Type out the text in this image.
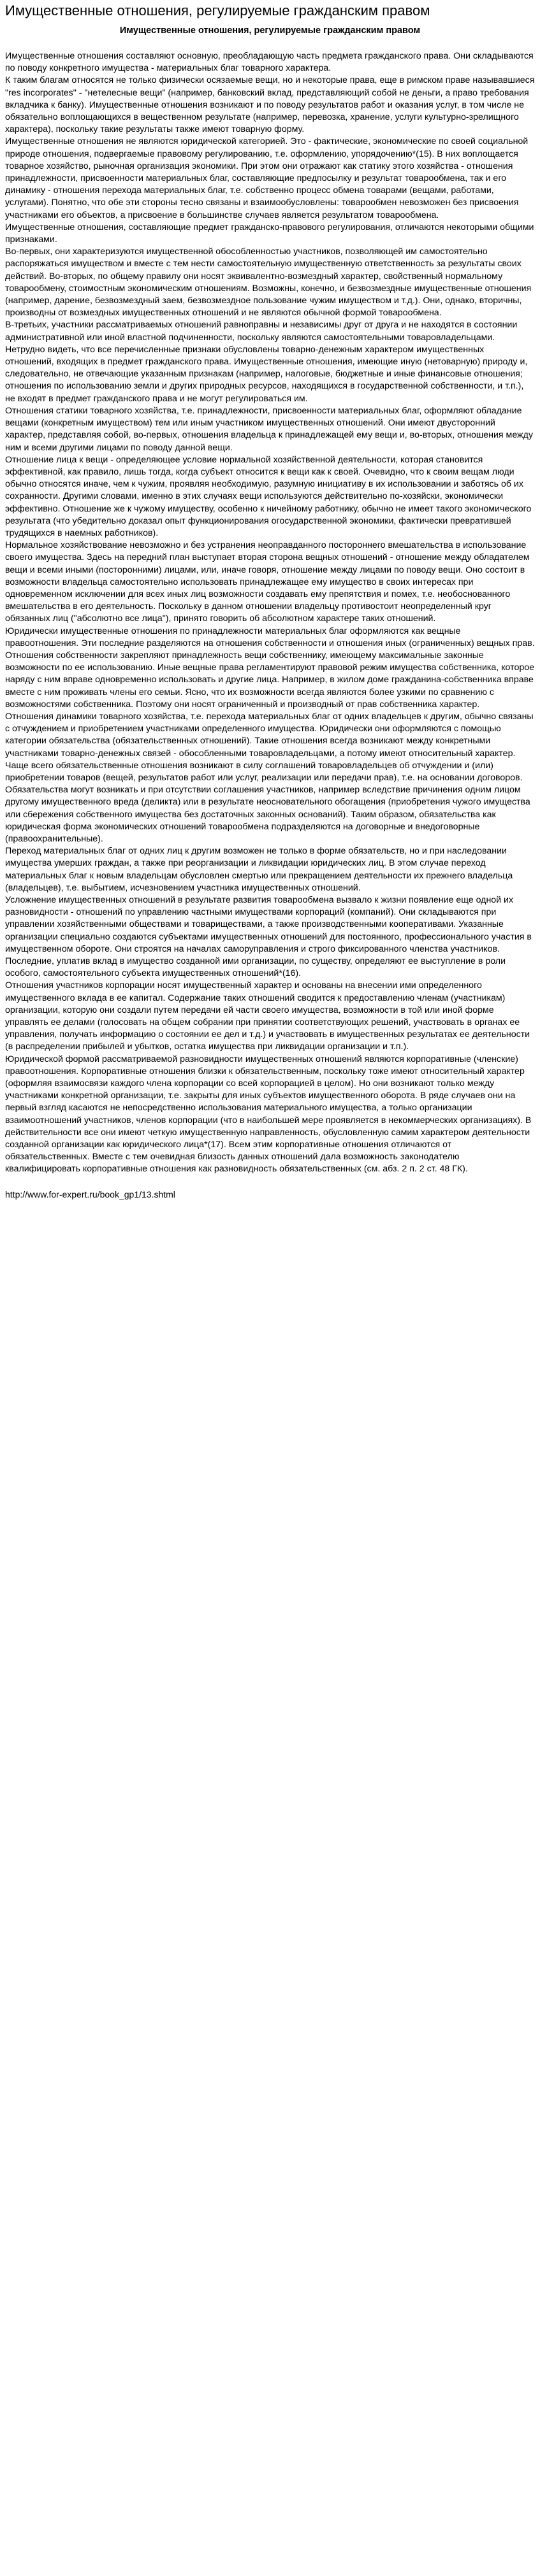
Имущественные отношения, регулируемые гражданским правом
Имущественные отношения, регулируемые гражданским правом

Имущественные отношения составляют основную, преобладающую часть предмета гражданского права. Они складываются по поводу конкретного имущества - материальных благ товарного характера.

К таким благам относятся не только физически осязаемые вещи, но и некоторые права, еще в римском праве называвшиеся "res incorporates" - "нетелесные вещи" (например, банковский вклад, представляющий собой не деньги, а право требования вкладчика к банку). Имущественные отношения возникают и по поводу результатов работ и оказания услуг, в том числе не обязательно воплощающихся в вещественном результате (например, перевозка, хранение, услуги культурно-зрелищного характера), поскольку такие результаты также имеют товарную форму.

Имущественные отношения не являются юридической категорией. Это - фактические, экономические по своей социальной природе отношения, подвергаемые правовому регулированию, т.е. оформлению, упорядочению*(15). В них воплощается товарное хозяйство, рыночная организация экономики. При этом они отражают как статику этого хозяйства - отношения принадлежности, присвоенности материальных благ, составляющие предпосылку и результат товарообмена, так и его динамику - отношения перехода материальных благ, т.е. собственно процесс обмена товарами (вещами, работами, услугами). Понятно, что обе эти стороны тесно связаны и взаимообусловлены: товарообмен невозможен без присвоения участниками его объектов, а присвоение в большинстве случаев является результатом товарообмена.

Имущественные отношения, составляющие предмет гражданско-правового регулирования, отличаются некоторыми общими признаками.

Во-первых, они характеризуются имущественной обособленностью участников, позволяющей им самостоятельно распоряжаться имуществом и вместе с тем нести самостоятельную имущественную ответственность за результаты своих действий. Во-вторых, по общему правилу они носят эквивалентно-возмездный характер, свойственный нормальному товарообмену, стоимостным экономическим отношениям. Возможны, конечно, и безвозмездные имущественные отношения (например, дарение, безвозмездный заем, безвозмездное пользование чужим имуществом и т.д.). Они, однако, вторичны, производны от возмездных имущественных отношений и не являются обычной формой товарообмена.

В-третьих, участники рассматриваемых отношений равноправны и независимы друг от друга и не находятся в состоянии административной или иной властной подчиненности, поскольку являются самостоятельными товаровладельцами. Нетрудно видеть, что все перечисленные признаки обусловлены товарно-денежным характером имущественных отношений, входящих в предмет гражданского права. Имущественные отношения, имеющие иную (нетоварную) природу и, следовательно, не отвечающие указанным признакам (например, налоговые, бюджетные и иные финансовые отношения; отношения по использованию земли и других природных ресурсов, находящихся в государственной собственности, и т.п.), не входят в предмет гражданского права и не могут регулироваться им.

Отношения статики товарного хозяйства, т.е. принадлежности, присвоенности материальных благ, оформляют обладание вещами (конкретным имуществом) тем или иным участником имущественных отношений. Они имеют двусторонний характер, представляя собой, во-первых, отношения владельца к принадлежащей ему вещи и, во-вторых, отношения между ним и всеми другими лицами по поводу данной вещи.

Отношение лица к вещи - определяющее условие нормальной хозяйственной деятельности, которая становится эффективной, как правило, лишь тогда, когда субъект относится к вещи как к своей. Очевидно, что к своим вещам люди обычно относятся иначе, чем к чужим, проявляя необходимую, разумную инициативу в их использовании и заботясь об их сохранности. Другими словами, именно в этих случаях вещи используются действительно по-хозяйски, экономически эффективно. Отношение же к чужому имуществу, особенно к ничейному работнику, обычно не имеет такого экономического результата (что убедительно доказал опыт функционирования огосударственной экономики, фактически превратившей трудящихся в наемных работников).

Нормальное хозяйствование невозможно и без устранения неоправданного постороннего вмешательства в использование своего имущества. Здесь на передний план выступает вторая сторона вещных отношений - отношение между обладателем вещи и всеми иными (посторонними) лицами, или, иначе говоря, отношение между лицами по поводу вещи. Оно состоит в возможности владельца самостоятельно использовать принадлежащее ему имущество в своих интересах при одновременном исключении для всех иных лиц возможности создавать ему препятствия и помех, т.е. необоснованного вмешательства в его деятельность. Поскольку в данном отношении владельцу противостоит неопределенный круг обязанных лиц ("абсолютно все лица"), принято говорить об абсолютном характере таких отношений.

Юридически имущественные отношения по принадлежности материальных благ оформляются как вещные правоотношения. Эти последние разделяются на отношения собственности и отношения иных (ограниченных) вещных прав. Отношения собственности закрепляют принадлежность вещи собственнику, имеющему максимальные законные возможности по ее использованию. Иные вещные права регламентируют правовой режим имущества собственника, которое наряду с ним вправе одновременно использовать и другие лица. Например, в жилом доме гражданина-собственника вправе вместе с ним проживать члены его семьи. Ясно, что их возможности всегда являются более узкими по сравнению с возможностями собственника. Поэтому они носят ограниченный и производный от прав собственника характер.

Отношения динамики товарного хозяйства, т.е. перехода материальных благ от одних владельцев к другим, обычно связаны с отчуждением и приобретением участниками определенного имущества. Юридически они оформляются с помощью категории обязательства (обязательственных отношений). Такие отношения всегда возникают между конкретными участниками товарно-денежных связей - обособленными товаровладельцами, а потому имеют относительный характер.

Чаще всего обязательственные отношения возникают в силу соглашений товаровладельцев об отчуждении и (или) приобретении товаров (вещей, результатов работ или услуг, реализации или передачи прав), т.е. на основании договоров. Обязательства могут возникать и при отсутствии соглашения участников, например вследствие причинения одним лицом другому имущественного вреда (деликта) или в результате неосновательного обогащения (приобретения чужого имущества или сбережения собственного имущества без достаточных законных оснований). Таким образом, обязательства как юридическая форма экономических отношений товарообмена подразделяются на договорные и внедоговорные (правоохранительные).

Переход материальных благ от одних лиц к другим возможен не только в форме обязательств, но и при наследовании имущества умерших граждан, а также при реорганизации и ликвидации юридических лиц. В этом случае переход материальных благ к новым владельцам обусловлен смертью или прекращением деятельности их прежнего владельца (владельцев), т.е. выбытием, исчезновением участника имущественных отношений.

Усложнение имущественных отношений в результате развития товарообмена вызвало к жизни появление еще одной их разновидности - отношений по управлению частными имуществами корпораций (компаний). Они складываются при управлении хозяйственными обществами и товариществами, а также производственными кооперативами. Указанные организации специально создаются субъектами имущественных отношений для постоянного, профессионального участия в имущественном обороте. Они строятся на началах саморуправления и строго фиксированного членства участников. Последние, уплатив вклад в имущество созданной ими организации, по существу, определяют ее выступление в роли особого, самостоятельного субъекта имущественных отношений*(16).

Отношения участников корпорации носят имущественный характер и основаны на внесении ими определенного имущественного вклада в ее капитал. Содержание таких отношений сводится к предоставлению членам (участникам) организации, которую они создали путем передачи ей части своего имущества, возможности в той или иной форме управлять ее делами (голосовать на общем собрании при принятии соответствующих решений, участвовать в органах ее управления, получать информацию о состоянии ее дел и т.д.) и участвовать в имущественных результатах ее деятельности (в распределении прибылей и убытков, остатка имущества при ликвидации организации и т.п.).

Юридической формой рассматриваемой разновидности имущественных отношений являются корпоративные (членские) правоотношения. Корпоративные отношения близки к обязательственным, поскольку тоже имеют относительный характер (оформляя взаимосвязи каждого члена корпорации со всей корпорацией в целом). Но они возникают только между участниками конкретной организации, т.е. закрыты для иных субъектов имущественного оборота. В ряде случаев они на первый взгляд касаются не непосредственно использования материального имущества, а только организации взаимоотношений участников, членов корпорации (что в наибольшей мере проявляется в некоммерческих организациях). В действительности все они имеют четкую имущественную направленность, обусловленную самим характером деятельности созданной организации как юридического лица*(17). Всем этим корпоративные отношения отличаются от обязательственных. Вместе с тем очевидная близость данных отношений дала возможность законодателю квалифицировать корпоративные отношения как разновидность обязательственных (см. абз. 2 п. 2 ст. 48 ГК).

http://www.for-expert.ru/book_gp1/13.shtml
